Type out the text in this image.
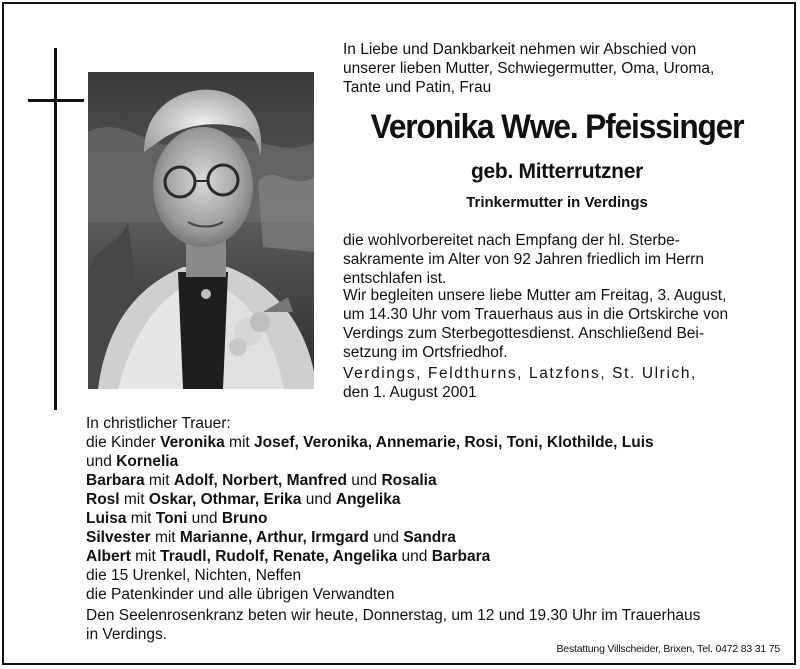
In Liebe und Dankbarkeit nehmen wir Abschied von
unserer lieben Mutter, Schwiegermutter, Oma, Uroma,
Tante und Patin, Frau
Veronika Wwe. Pfeissinger
geb. Mitterrutzner
Trinkermutter in Verdings
die wohlvorbereitet nach Empfang der hl. Sterbe-
sakramente im Alter von 92 Jahren friedlich im Herrn
entschlafen ist.
Wir begleiten unsere liebe Mutter am Freitag, 3. August,
um 14.30 Uhr vom Trauerhaus aus in die Ortskirche von
Verdings zum Sterbegottesdienst. Anschließend Bei-
setzung im Ortsfriedhof.
Verdings, Feldthurns, Latzfons, St. Ulrich,
den 1. August 2001
In christlicher Trauer:
die Kinder Veronika mit Josef, Veronika, Annemarie, Rosi, Toni, Klothilde, Luis
und Kornelia
Barbara mit Adolf, Norbert, Manfred und Rosalia
Rosl mit Oskar, Othmar, Erika und Angelika
Luisa mit Toni und Bruno
Silvester mit Marianne, Arthur, Irmgard und Sandra
Albert mit Traudl, Rudolf, Renate, Angelika und Barbara
die 15 Urenkel, Nichten, Neffen
die Patenkinder und alle übrigen Verwandten
Den Seelenrosenkranz beten wir heute, Donnerstag, um 12 und 19.30 Uhr im Trauerhaus
in Verdings.
Bestattung Villscheider, Brixen, Tel. 0472 83 31 75
